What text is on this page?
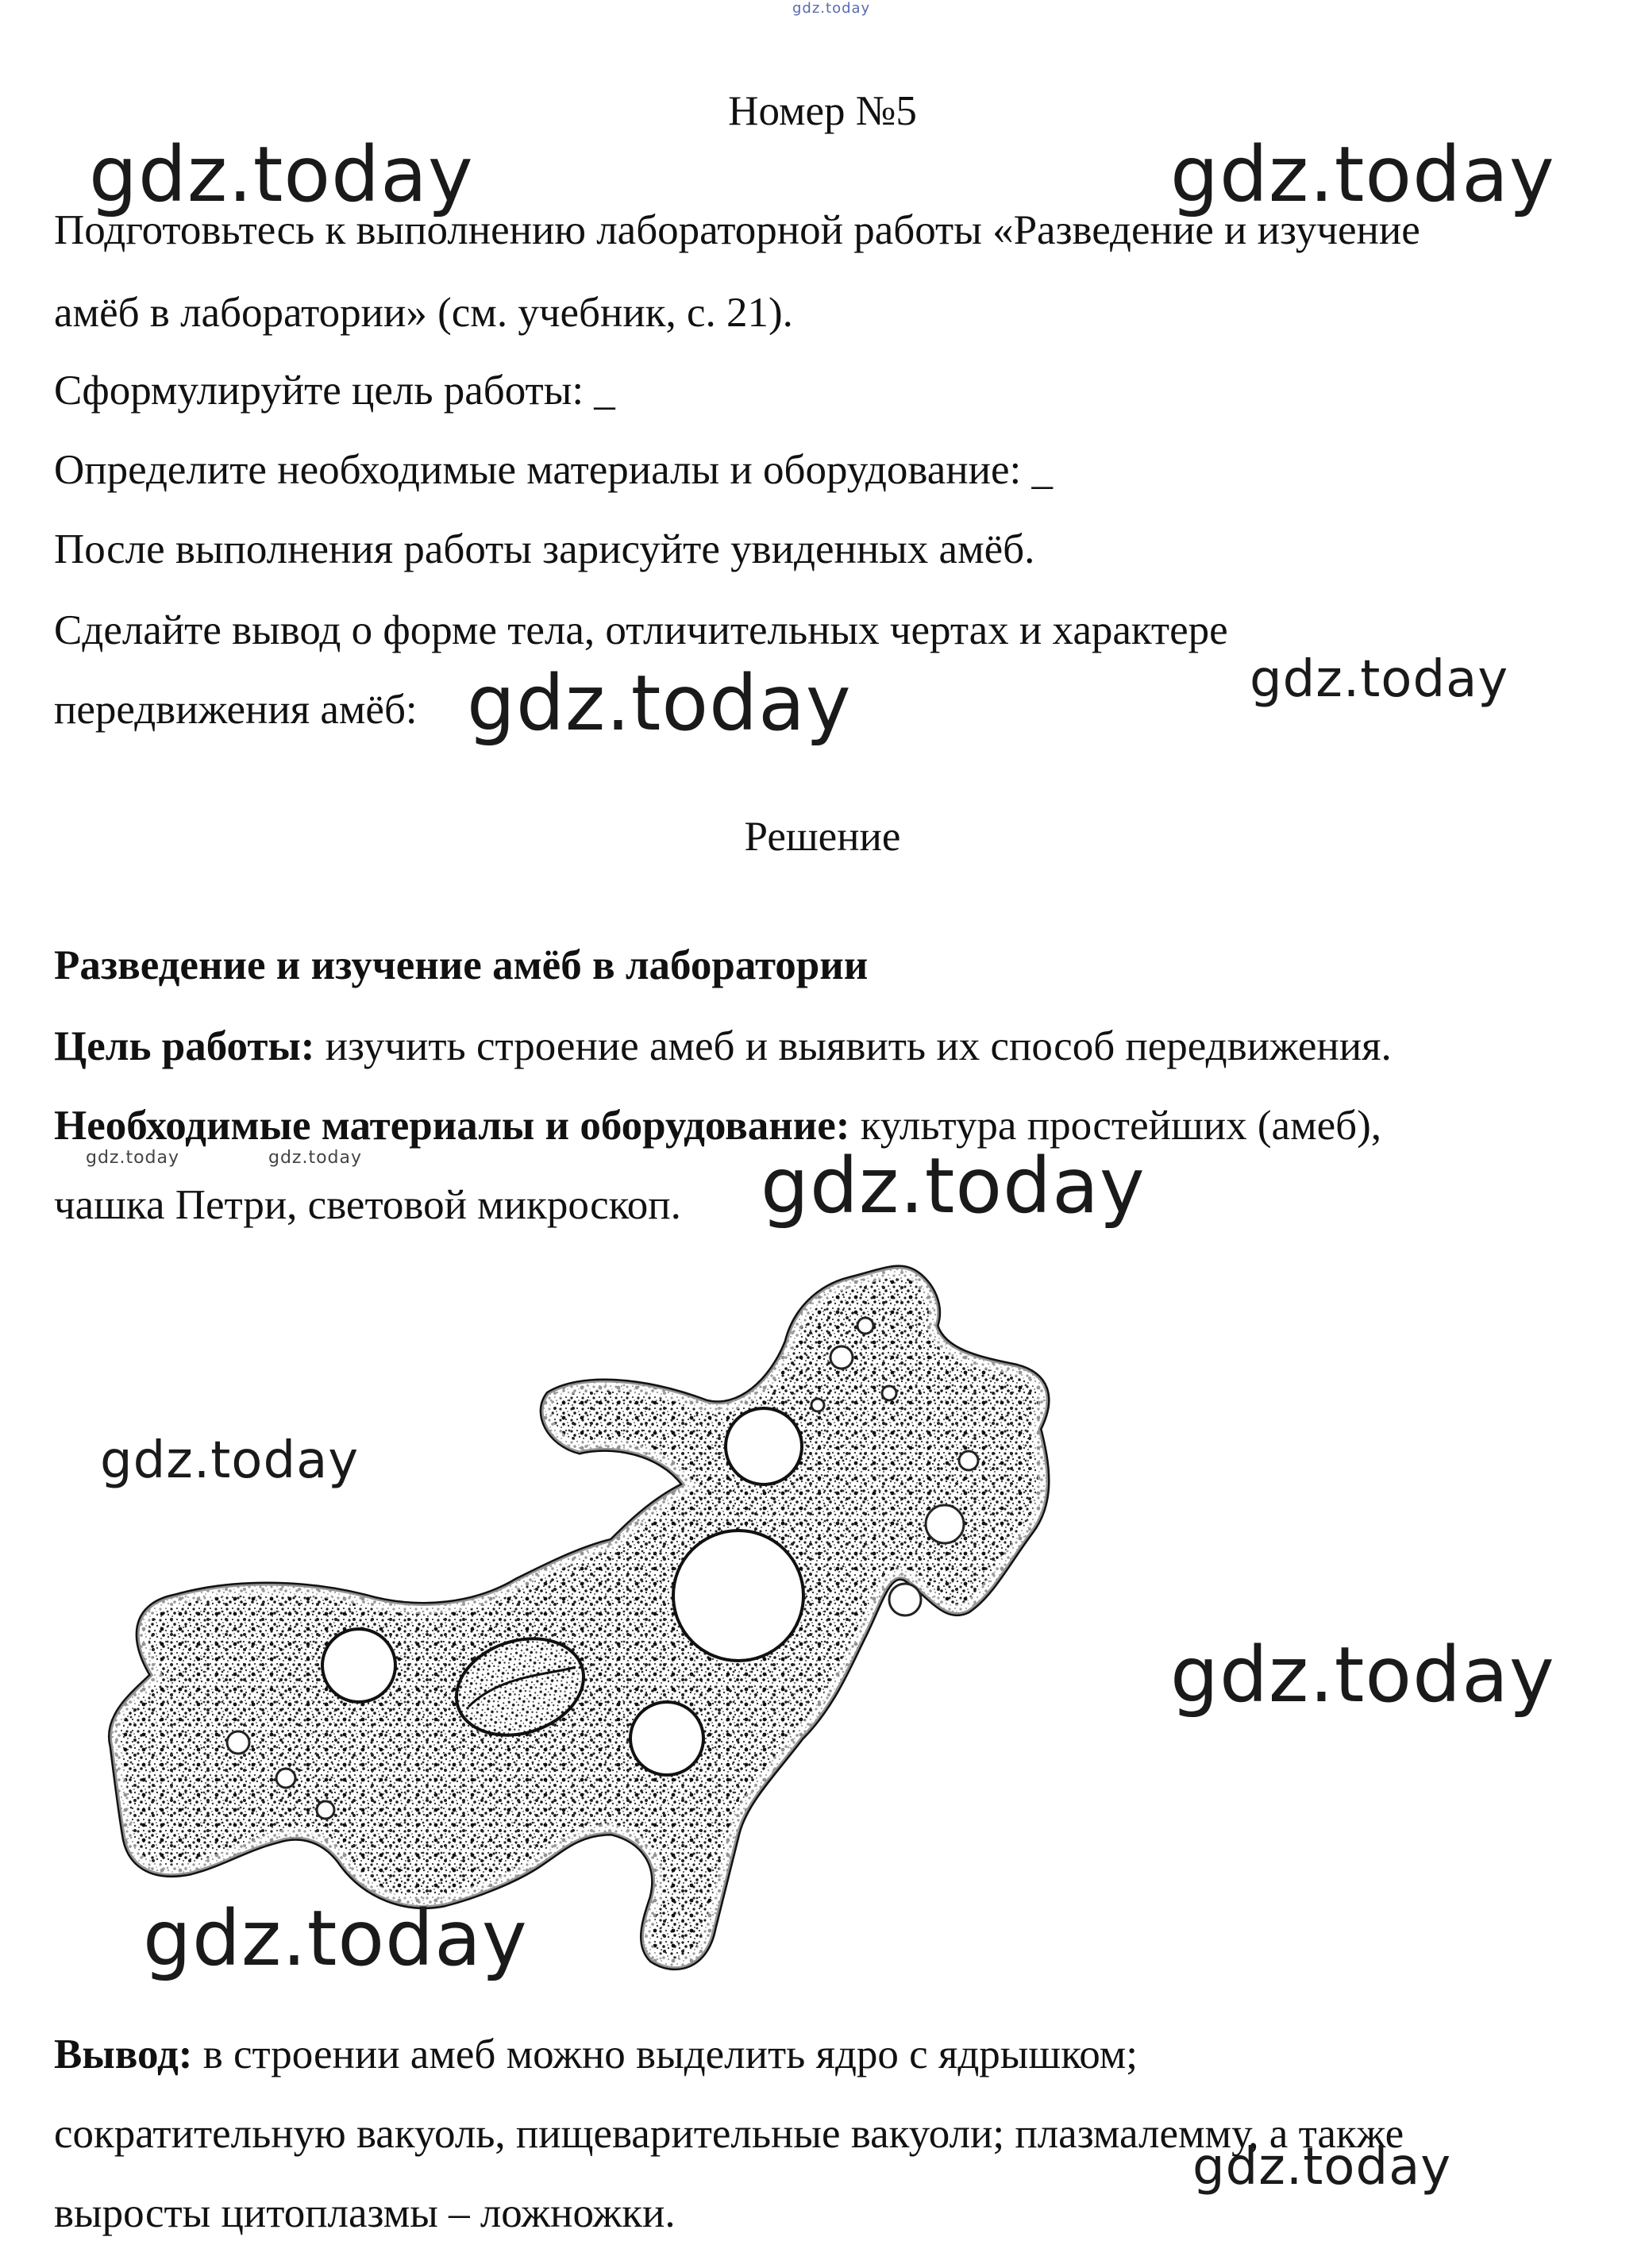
gdz.today
Номер №5
Подготовьтесь к выполнению лабораторной работы «Разведение и изучение
амёб в лаборатории» (см. учебник, с. 21).
Сформулируйте цель работы: _
Определите необходимые материалы и оборудование: _
После выполнения работы зарисуйте увиденных амёб.
Сделайте вывод о форме тела, отличительных чертах и характере
передвижения амёб:
Решение
Разведение и изучение амёб в лаборатории
Цель работы: изучить строение амеб и выявить их способ передвижения.
Необходимые материалы и оборудование: культура простейших (амеб),
чашка Петри, световой микроскоп.
Вывод: в строении амеб можно выделить ядро с ядрышком;
сократительную вакуоль, пищеварительные вакуоли; плазмалемму, а также
выросты цитоплазмы – ложножки.
gdz.today	gdz.today
gdz.today
gdz.today
gdz.today	gdz.today	gdz.today
gdz.today
gdz.today
gdz.today
gdz.today
